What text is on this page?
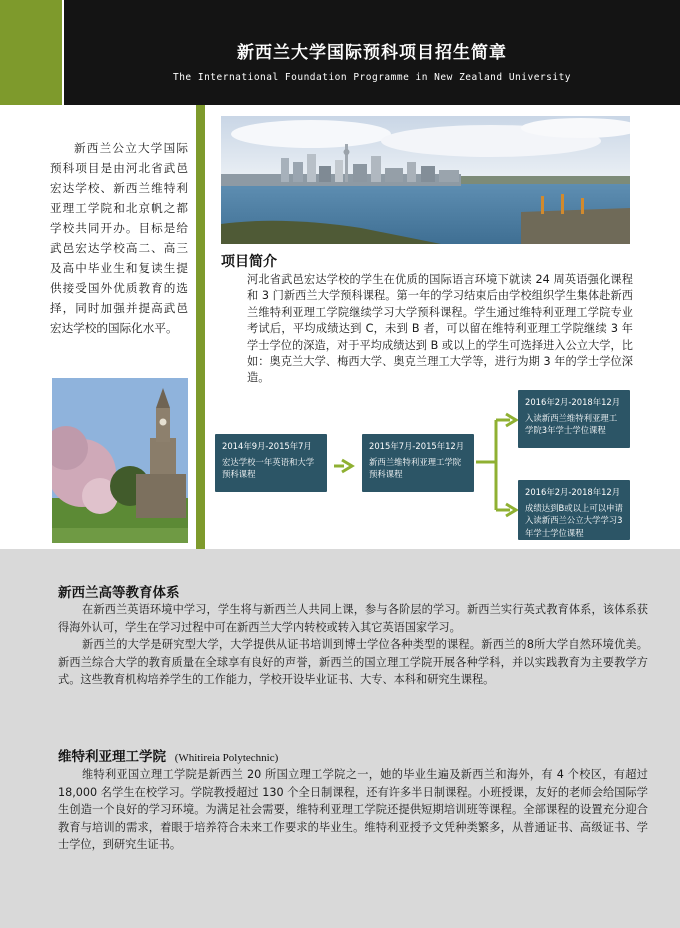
新西兰大学国际预科项目招生简章
The International Foundation Programme in New Zealand University

新西兰公立大学国际预科项目是由河北省武邑宏达学校、新西兰维特利亚理工学院和北京帆之都学校共同开办。目标是给武邑宏达学校高二、高三及高中毕业生和复读生提供接受国外优质教育的选择，同时加强并提高武邑宏达学校的国际化水平。

项目简介

河北省武邑宏达学校的学生在优质的国际语言环境下就读 24 周英语强化课程和 3 门新西兰大学预科课程。第一年的学习结束后由学校组织学生集体赴新西兰维特利亚理工学院继续学习大学预科课程。学生通过维特利亚理工学院专业考试后，平均成绩达到 C，未到 B 者，可以留在维特利亚理工学院继续 3 年学士学位的深造，对于平均成绩达到 B 或以上的学生可选择进入公立大学，比如：奥克兰大学、梅西大学、奥克兰理工大学等，进行为期 3 年的学士学位深造。

2014年9月-2015年7月
宏达学校一年英语和大学预科课程
2015年7月-2015年12月
新西兰维特利亚理工学院预科课程
2016年2月-2018年12月
入读新西兰维特利亚理工学院3年学士学位课程
2016年2月-2018年12月
成绩达到B或以上可以申请入读新西兰公立大学学习3年学士学位课程
新西兰高等教育体系

在新西兰英语环境中学习，学生将与新西兰人共同上课，参与各阶层的学习。新西兰实行英式教育体系，该体系获得海外认可，学生在学习过程中可在新西兰大学内转校或转入其它英语国家学习。

新西兰的大学是研究型大学，大学提供从证书培训到博士学位各种类型的课程。新西兰的8所大学自然环境优美。新西兰综合大学的教育质量在全球享有良好的声誉，新西兰的国立理工学院开展各种学科，并以实践教育为主要教学方式。这些教育机构培养学生的工作能力，学校开设毕业证书、大专、本科和研究生课程。

维特利亚理工学院 (Whitireia Polytechnic)

维特利亚国立理工学院是新西兰 20 所国立理工学院之一，她的毕业生遍及新西兰和海外，有 4 个校区，有超过 18,000 名学生在校学习。学院教授超过 130 个全日制课程，还有许多半日制课程。小班授课，友好的老师会给国际学生创造一个良好的学习环境。为满足社会需要，维特利亚理工学院还提供短期培训班等课程。全部课程的设置充分迎合教育与培训的需求，着眼于培养符合未来工作要求的毕业生。维特利亚授予文凭种类繁多，从普通证书、高级证书、学士学位，到研究生证书。
